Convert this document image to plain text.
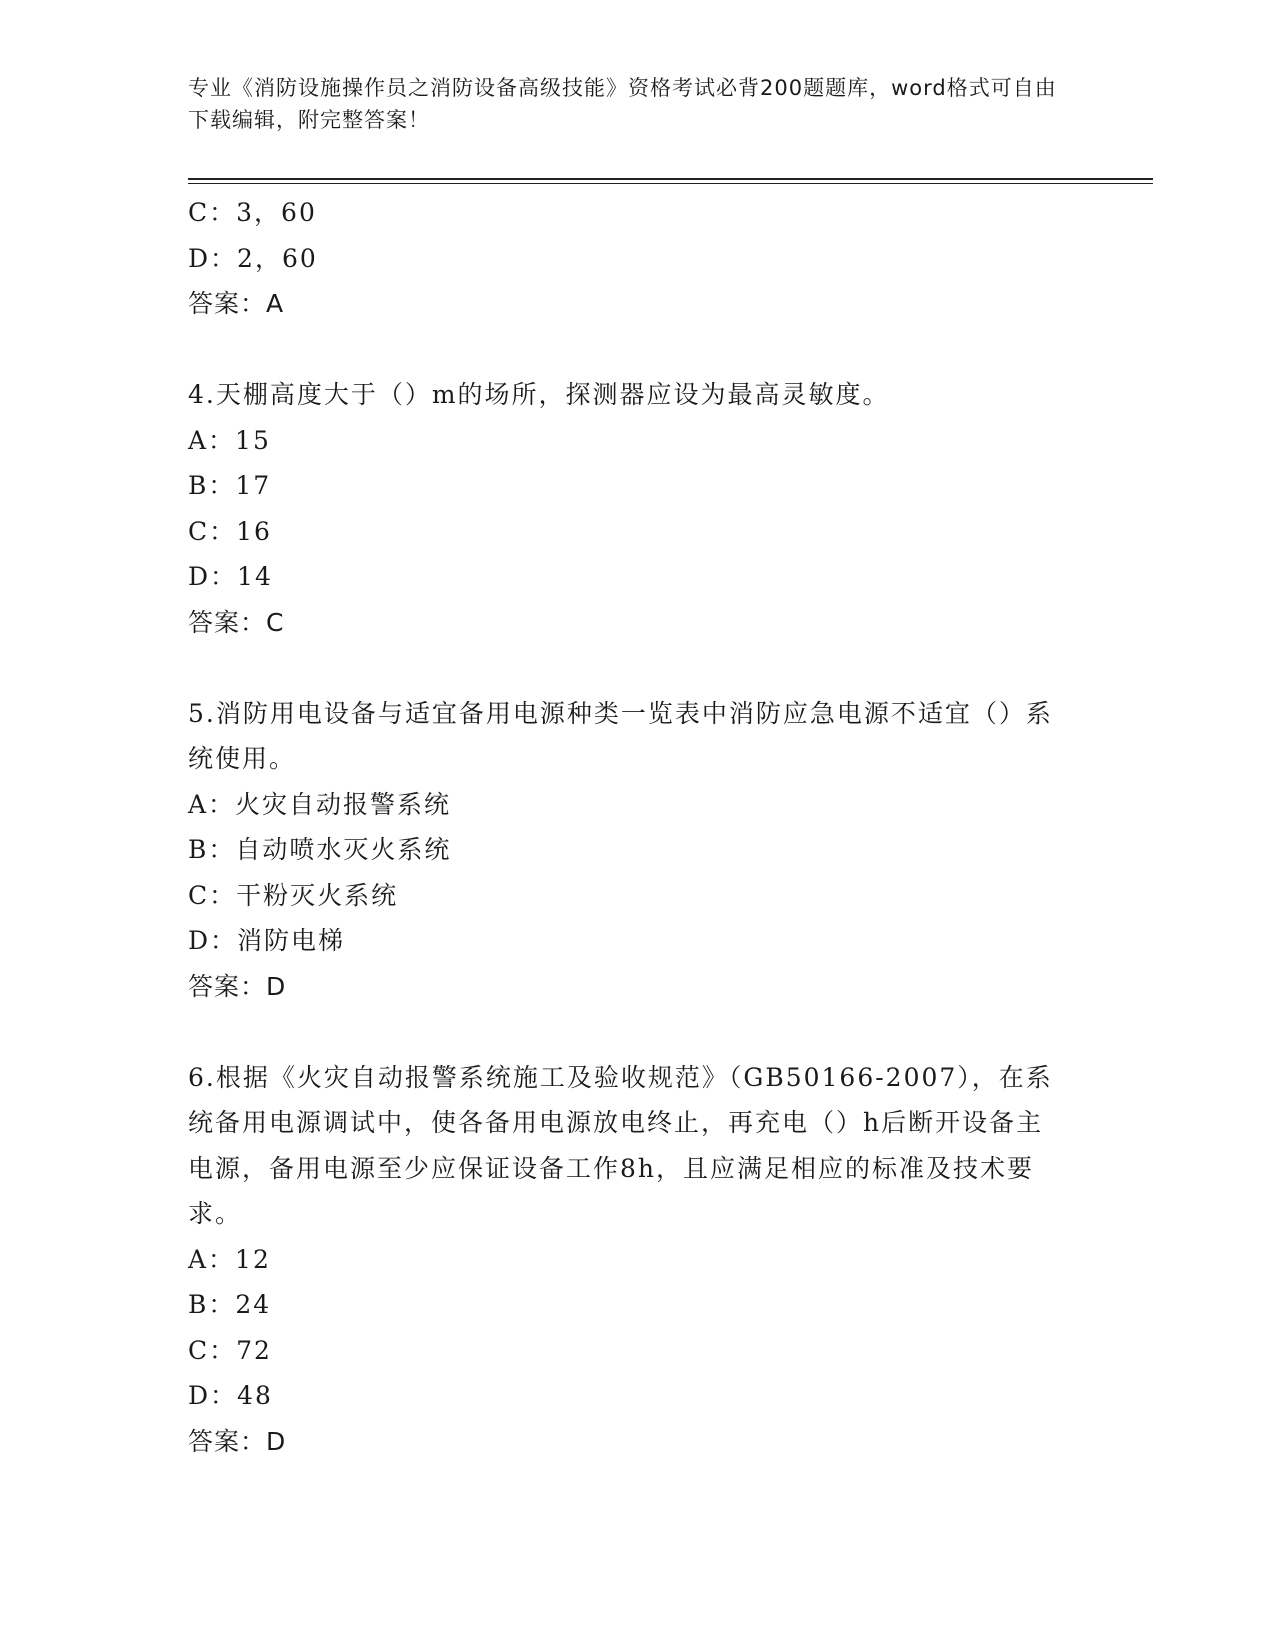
专业《消防设施操作员之消防设备高级技能》资格考试必背200题题库，word格式可自由下载编辑，附完整答案！
C：3，60
D：2，60
答案：A
4.天棚高度大于（）m的场所，探测器应设为最高灵敏度。
A：15
B：17
C：16
D：14
答案：C
5.消防用电设备与适宜备用电源种类一览表中消防应急电源不适宜（）系统使用。
A：火灾自动报警系统
B：自动喷水灭火系统
C：干粉灭火系统
D：消防电梯
答案：D
6.根据《火灾自动报警系统施工及验收规范》（GB50166-2007），在系统备用电源调试中，使各备用电源放电终止，再充电（）h后断开设备主电源，备用电源至少应保证设备工作8h，且应满足相应的标准及技术要求。
A：12
B：24
C：72
D：48
答案：D
